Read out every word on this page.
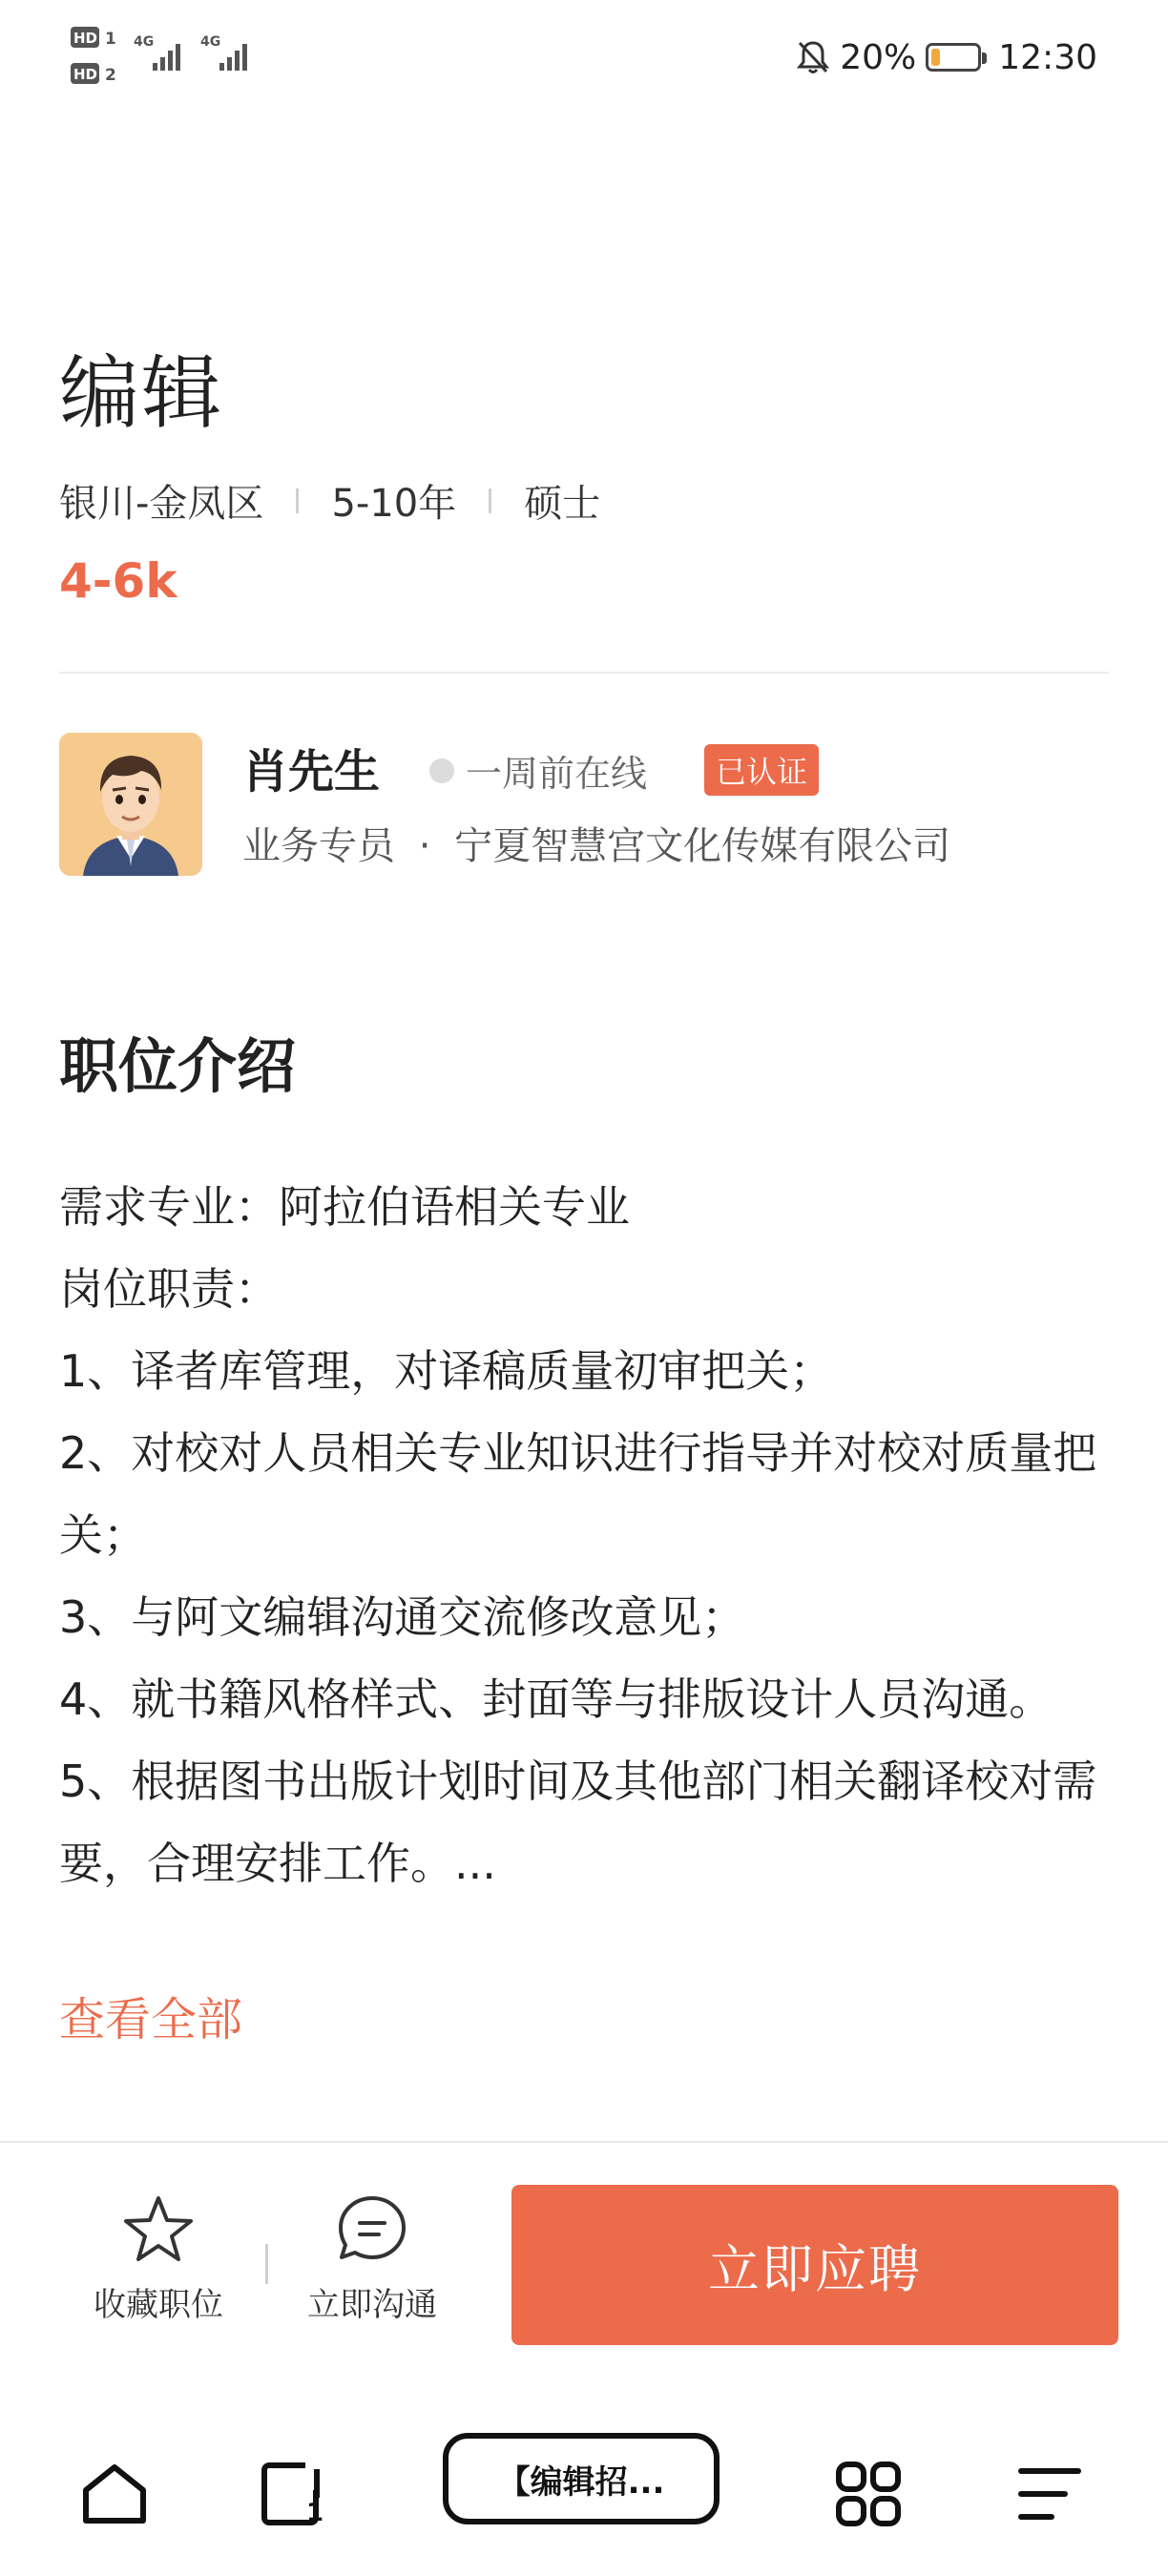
HD 1
HD 2
4G	4G	20% 12:30
编辑
银川-金凤区 5-10年 硕士
4-6k
肖先生 一周前在线	已认证
业务专员 · 宁夏智慧宫文化传媒有限公司
职位介绍
需求专业：阿拉伯语相关专业
岗位职责：
1、译者库管理，对译稿质量初审把关；
2、对校对人员相关专业知识进行指导并对校对质量把关；
3、与阿文编辑沟通交流修改意见；
4、就书籍风格样式、封面等与排版设计人员沟通。
5、根据图书出版计划时间及其他部门相关翻译校对需要，合理安排工作。...
查看全部
收藏职位	立即沟通
立即应聘
1
【编辑招...
